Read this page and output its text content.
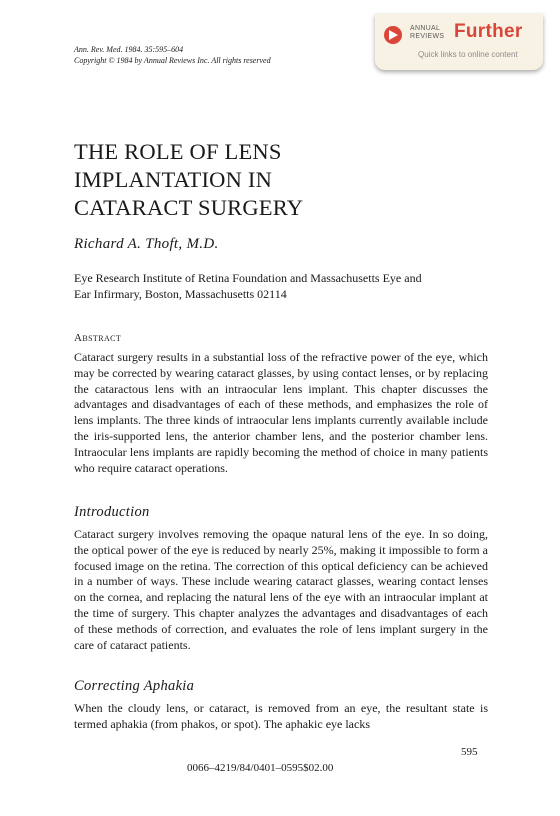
Ann. Rev. Med. 1984. 35:595–604
Copyright © 1984 by Annual Reviews Inc. All rights reserved
ANNUAL
REVIEWS Further
Quick links to online content
THE ROLE OF LENS
IMPLANTATION IN
CATARACT SURGERY
Richard A. Thoft, M.D.
Eye Research Institute of Retina Foundation and Massachusetts Eye and
Ear Infirmary, Boston, Massachusetts 02114
Abstract

Cataract surgery results in a substantial loss of the refractive power of the eye, which may be corrected by wearing cataract glasses, by using contact lenses, or by replacing the cataractous lens with an intraocular lens implant. This chapter discusses the advantages and disadvantages of each of these methods, and emphasizes the role of lens implants. The three kinds of intraocular lens implants currently available include the iris-supported lens, the anterior chamber lens, and the posterior chamber lens. Intraocular lens implants are rapidly becoming the method of choice in many patients who require cataract operations.

Introduction

Cataract surgery involves removing the opaque natural lens of the eye. In so doing, the optical power of the eye is reduced by nearly 25%, making it impossible to form a focused image on the retina. The correction of this optical deficiency can be achieved in a number of ways. These include wearing cataract glasses, wearing contact lenses on the cornea, and replacing the natural lens of the eye with an intraocular implant at the time of surgery. This chapter analyzes the advantages and disadvantages of each of these methods of correction, and evaluates the role of lens implant surgery in the care of cataract patients.

Correcting Aphakia

When the cloudy lens, or cataract, is removed from an eye, the resultant state is termed aphakia (from phakos, or spot). The aphakic eye lacks

595
0066–4219/84/0401–0595$02.00
